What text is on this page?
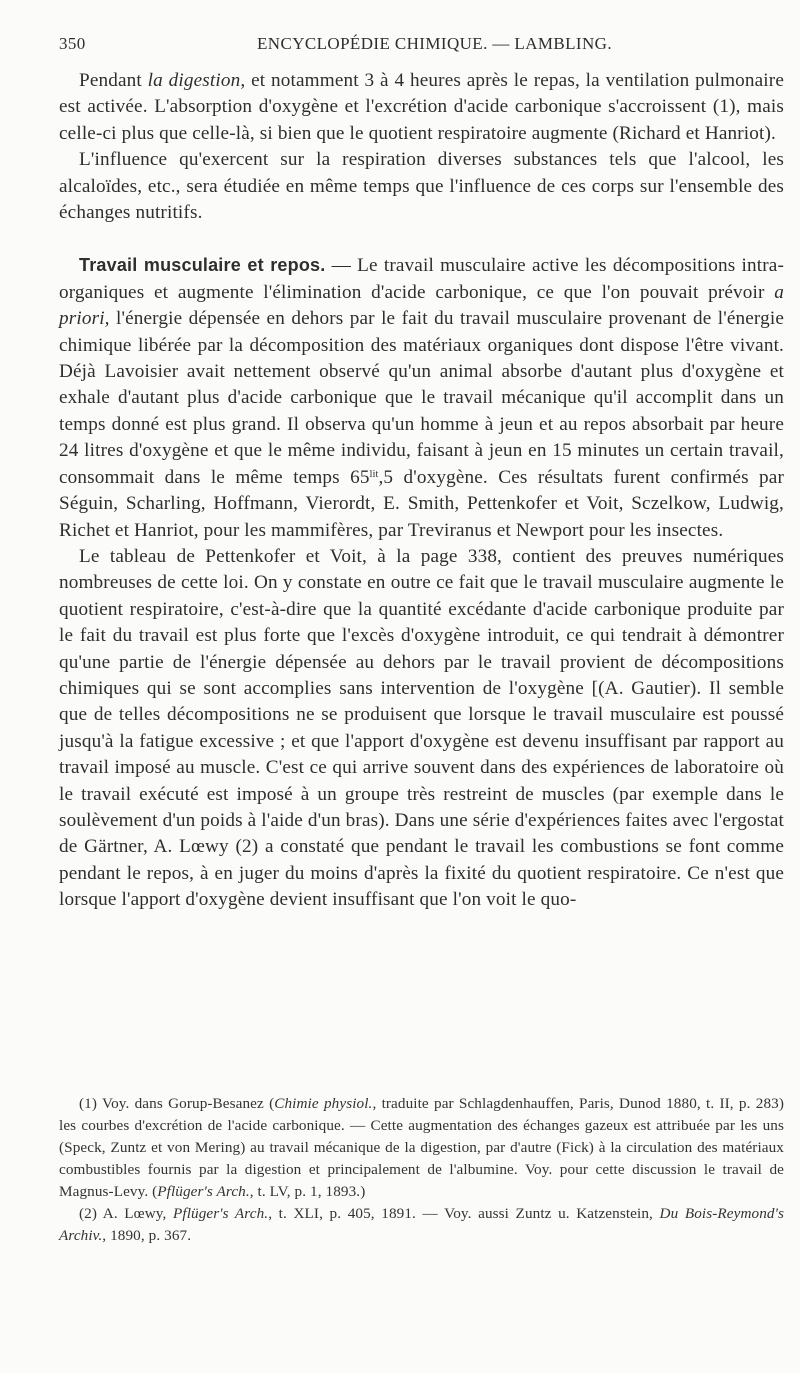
350	ENCYCLOPÉDIE CHIMIQUE. — LAMBLING.

Pendant la digestion, et notamment 3 à 4 heures après le repas, la ventilation pulmonaire est activée. L'absorption d'oxygène et l'excrétion d'acide carbonique s'accroissent (1), mais celle-ci plus que celle-là, si bien que le quotient respiratoire augmente (Richard et Hanriot).

L'influence qu'exercent sur la respiration diverses substances tels que l'alcool, les alcaloïdes, etc., sera étudiée en même temps que l'influence de ces corps sur l'ensemble des échanges nutritifs.

Travail musculaire et repos. — Le travail musculaire active les décompositions intra-organiques et augmente l'élimination d'acide carbonique, ce que l'on pouvait prévoir a priori, l'énergie dépensée en dehors par le fait du travail musculaire provenant de l'énergie chimique libérée par la décomposition des matériaux organiques dont dispose l'être vivant. Déjà Lavoisier avait nettement observé qu'un animal absorbe d'autant plus d'oxygène et exhale d'autant plus d'acide carbonique que le travail mécanique qu'il accomplit dans un temps donné est plus grand. Il observa qu'un homme à jeun et au repos absorbait par heure 24 litres d'oxygène et que le même individu, faisant à jeun en 15 minutes un certain travail, consommait dans le même temps $65^{lit},5$ d'oxygène. Ces résultats furent confirmés par Séguin, Scharling, Hoffmann, Vierordt, E. Smith, Pettenkofer et Voit, Sczelkow, Ludwig, Richet et Hanriot, pour les mammifères, par Treviranus et Newport pour les insectes.

Le tableau de Pettenkofer et Voit, à la page 338, contient des preuves numériques nombreuses de cette loi. On y constate en outre ce fait que le travail musculaire augmente le quotient respiratoire, c'est-à-dire que la quantité excédante d'acide carbonique produite par le fait du travail est plus forte que l'excès d'oxygène introduit, ce qui tendrait à démontrer qu'une partie de l'énergie dépensée au dehors par le travail provient de décompositions chimiques qui se sont accomplies sans intervention de l'oxygène [(A. Gautier). Il semble que de telles décompositions ne se produisent que lorsque le travail musculaire est poussé jusqu'à la fatigue excessive ; et que l'apport d'oxygène est devenu insuffisant par rapport au travail imposé au muscle. C'est ce qui arrive souvent dans des expériences de laboratoire où le travail exécuté est imposé à un groupe très restreint de muscles (par exemple dans le soulèvement d'un poids à l'aide d'un bras). Dans une série d'expériences faites avec l'ergostat de Gärtner, A. Lœwy (2) a constaté que pendant le travail les combustions se font comme pendant le repos, à en juger du moins d'après la fixité du quotient respiratoire. Ce n'est que lorsque l'apport d'oxygène devient insuffisant que l'on voit le quo-

(1) Voy. dans Gorup-Besanez (Chimie physiol., traduite par Schlagdenhauffen, Paris, Dunod 1880, t. II, p. 283) les courbes d'excrétion de l'acide carbonique. — Cette augmentation des échanges gazeux est attribuée par les uns (Speck, Zuntz et von Mering) au travail mécanique de la digestion, par d'autre (Fick) à la circulation des matériaux combustibles fournis par la digestion et principalement de l'albumine. Voy. pour cette discussion le travail de Magnus-Levy. (Pflüger's Arch., t. LV, p. 1, 1893.)

(2) A. Lœwy, Pflüger's Arch., t. XLI, p. 405, 1891. — Voy. aussi Zuntz u. Katzenstein, Du Bois-Reymond's Archiv., 1890, p. 367.
